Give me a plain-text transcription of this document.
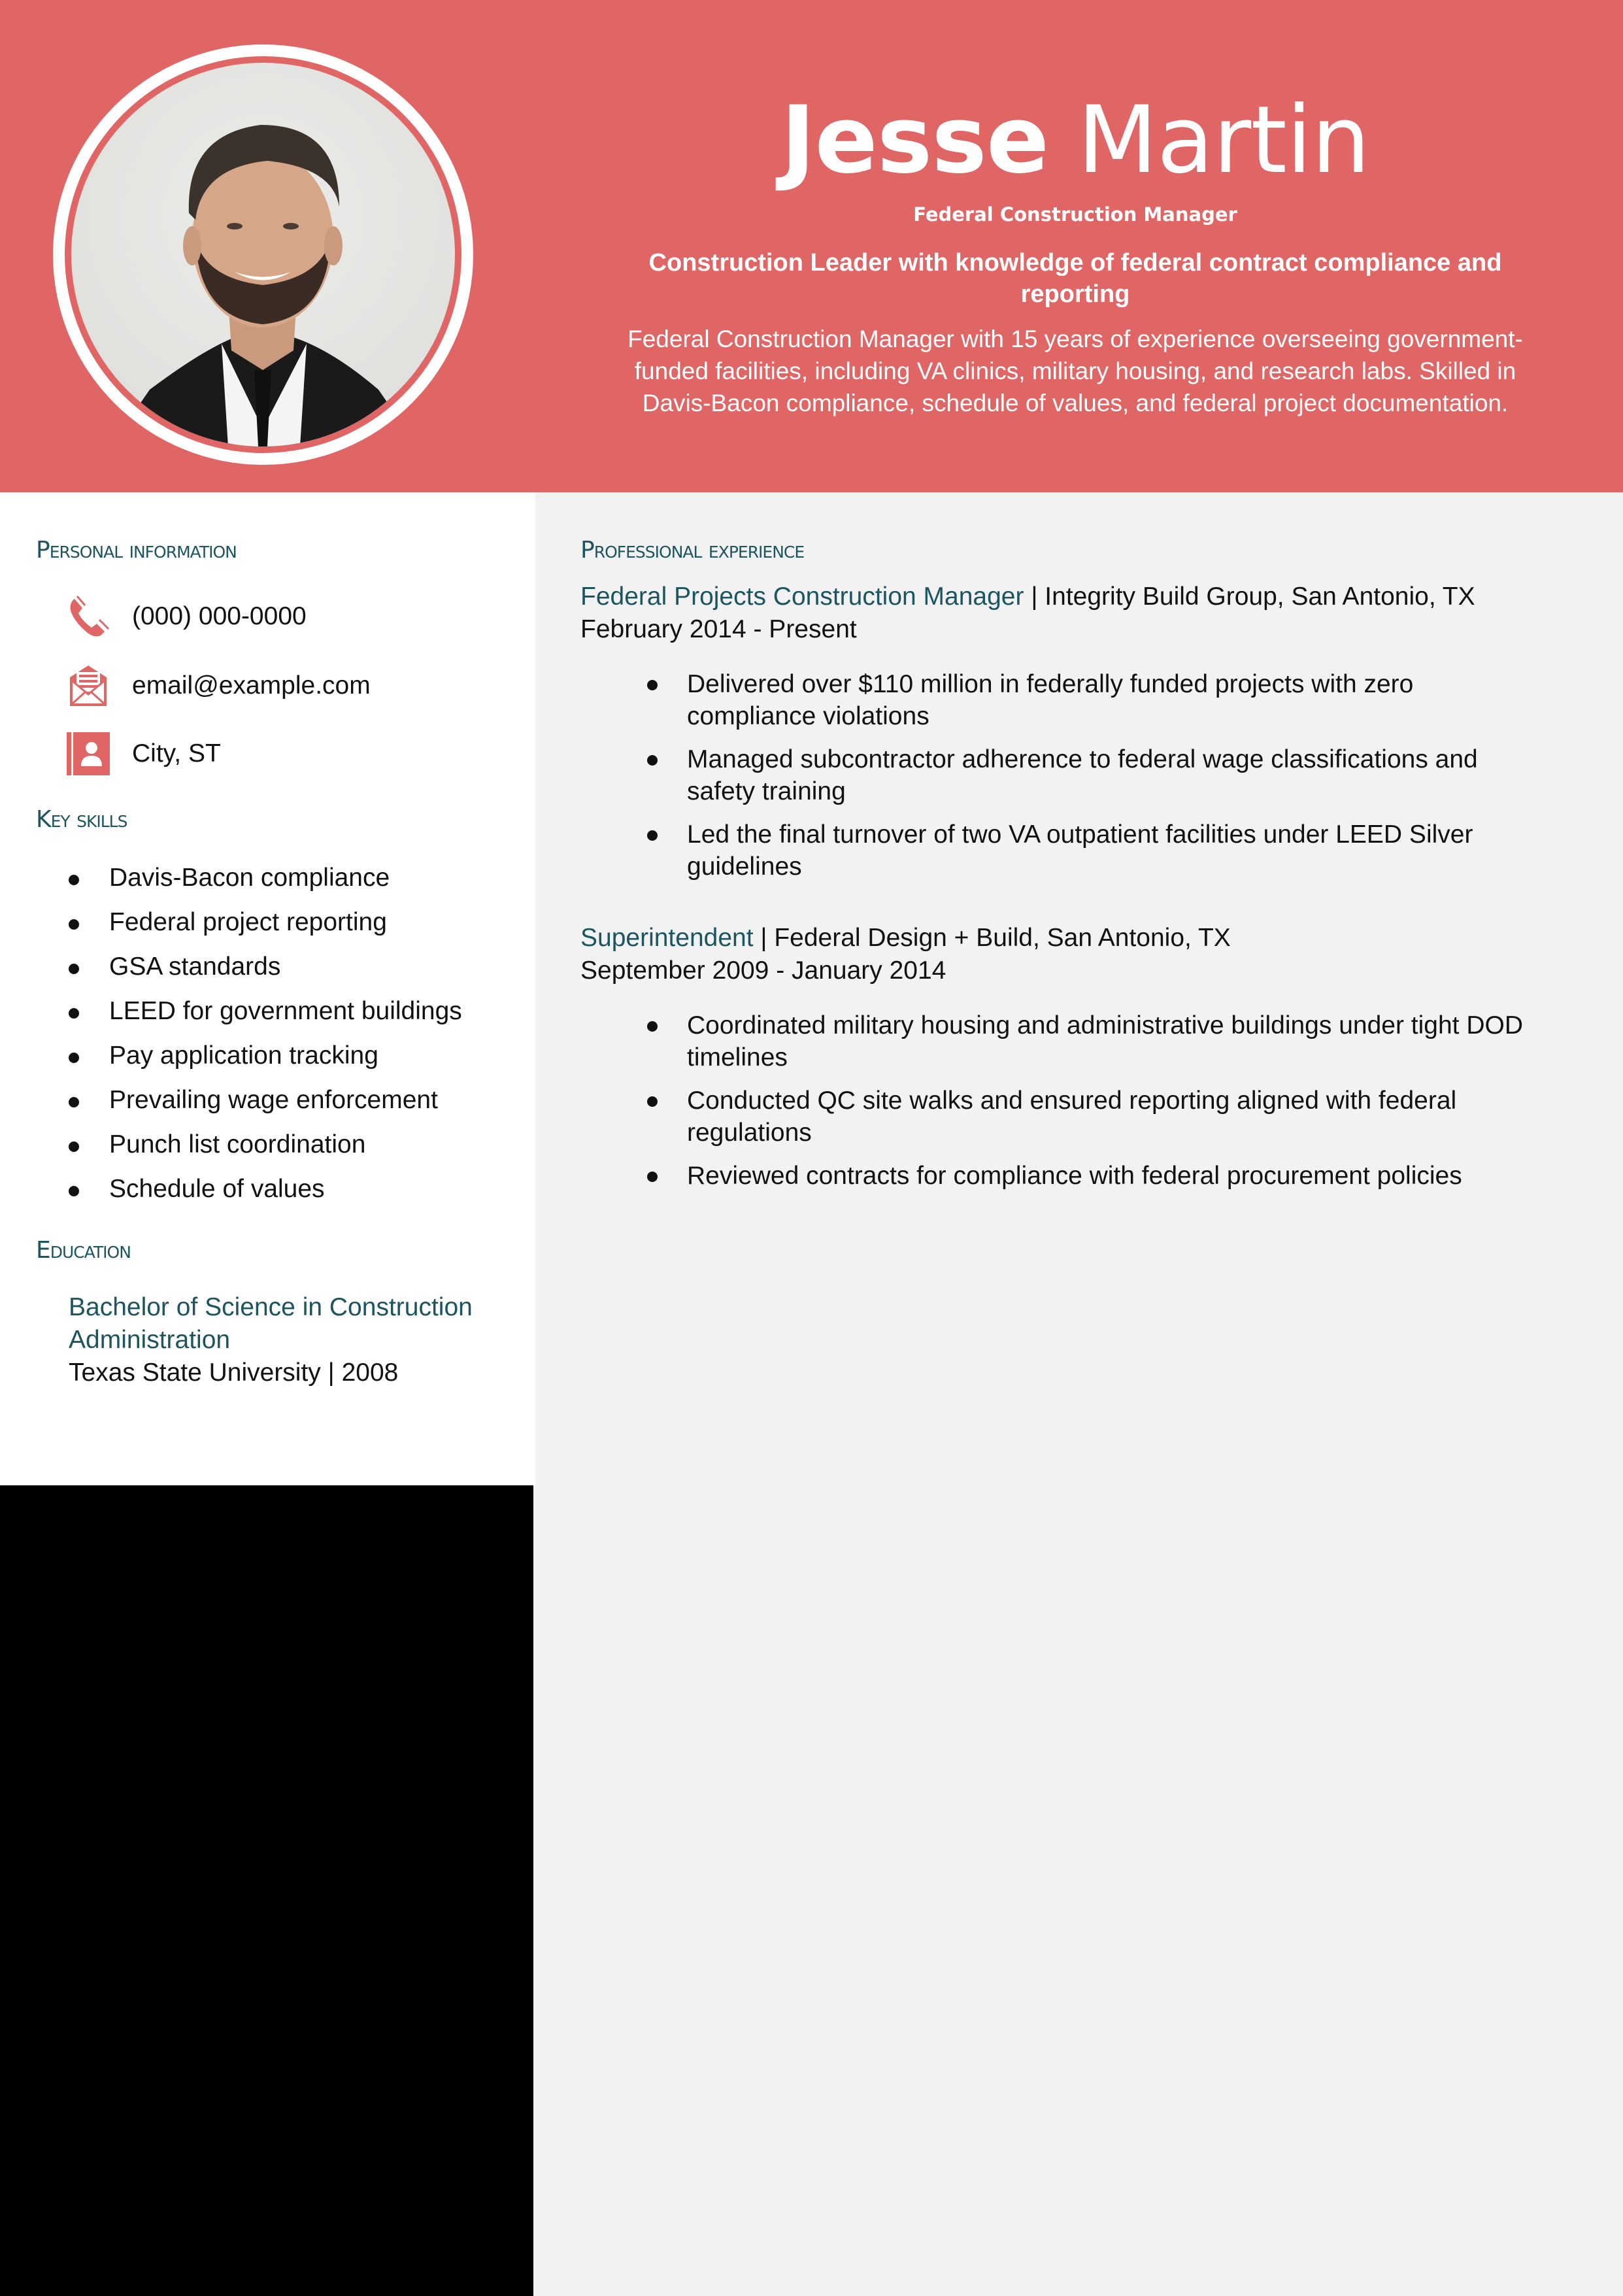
Jesse Martin
Federal Construction Manager
Construction Leader with knowledge of federal contract compliance and reporting
Federal Construction Manager with 15 years of experience overseeing government-funded facilities, including VA clinics, military housing, and research labs. Skilled in Davis-Bacon compliance, schedule of values, and federal project documentation.
Personal information
(000) 000-0000
email@example.com
City, ST
Key skills
Davis-Bacon compliance
Federal project reporting
GSA standards
LEED for government buildings
Pay application tracking
Prevailing wage enforcement
Punch list coordination
Schedule of values
Education
Bachelor of Science in Construction Administration
Texas State University | 2008
Professional experience
Federal Projects Construction Manager | Integrity Build Group, San Antonio, TX
February 2014 - Present
Delivered over $110 million in federally funded projects with zero compliance violations
Managed subcontractor adherence to federal wage classifications and safety training
Led the final turnover of two VA outpatient facilities under LEED Silver guidelines
Superintendent | Federal Design + Build, San Antonio, TX
September 2009 - January 2014
Coordinated military housing and administrative buildings under tight DOD timelines
Conducted QC site walks and ensured reporting aligned with federal regulations
Reviewed contracts for compliance with federal procurement policies
